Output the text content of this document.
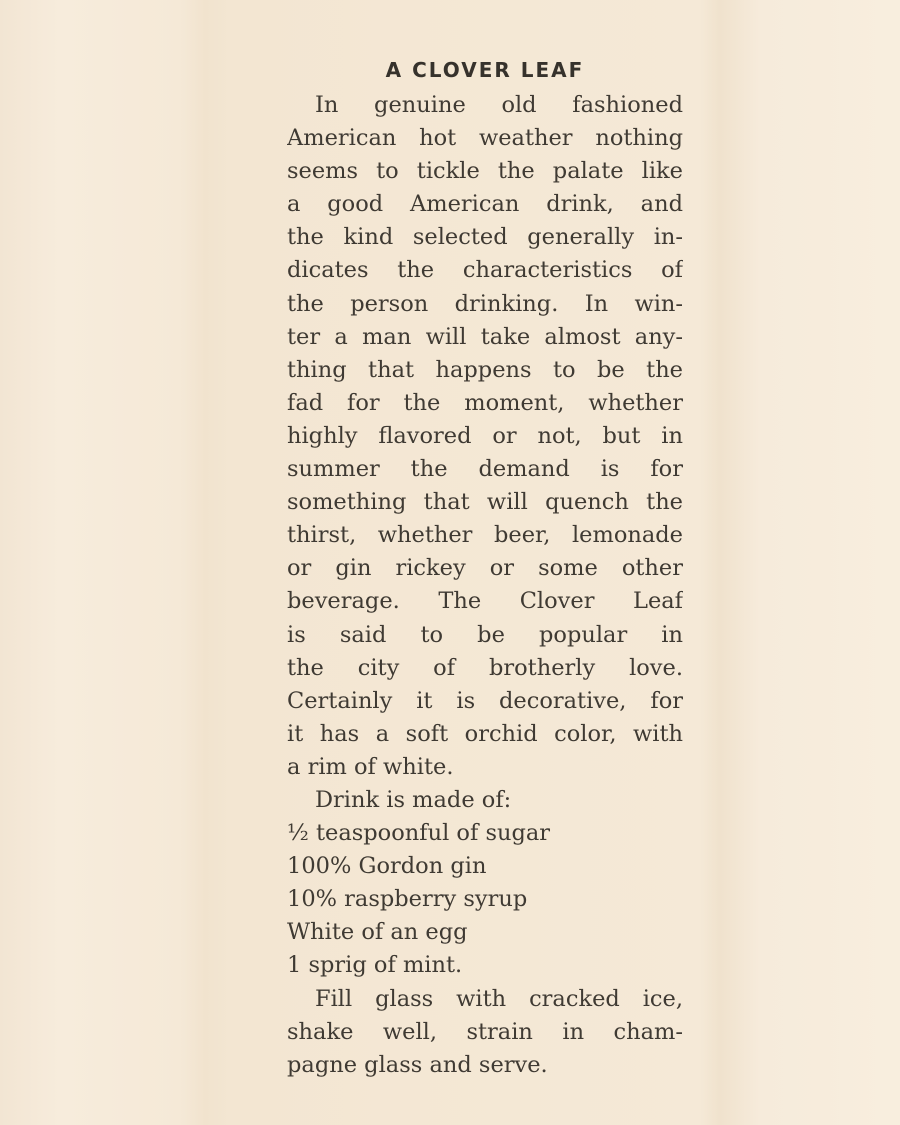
A CLOVER LEAF
In genuine old fashioned
American hot weather nothing
seems to tickle the palate like
a good American drink, and
the kind selected generally in-
dicates the characteristics of
the person drinking. In win-
ter a man will take almost any-
thing that happens to be the
fad for the moment, whether
highly flavored or not, but in
summer the demand is for
something that will quench the
thirst, whether beer, lemonade
or gin rickey or some other
beverage. The Clover Leaf
is said to be popular in
the city of brotherly love.
Certainly it is decorative, for
it has a soft orchid color, with
a rim of white.
Drink is made of:
½ teaspoonful of sugar
100% Gordon gin
10% raspberry syrup
White of an egg
1 sprig of mint.
Fill glass with cracked ice,
shake well, strain in cham-
pagne glass and serve.
